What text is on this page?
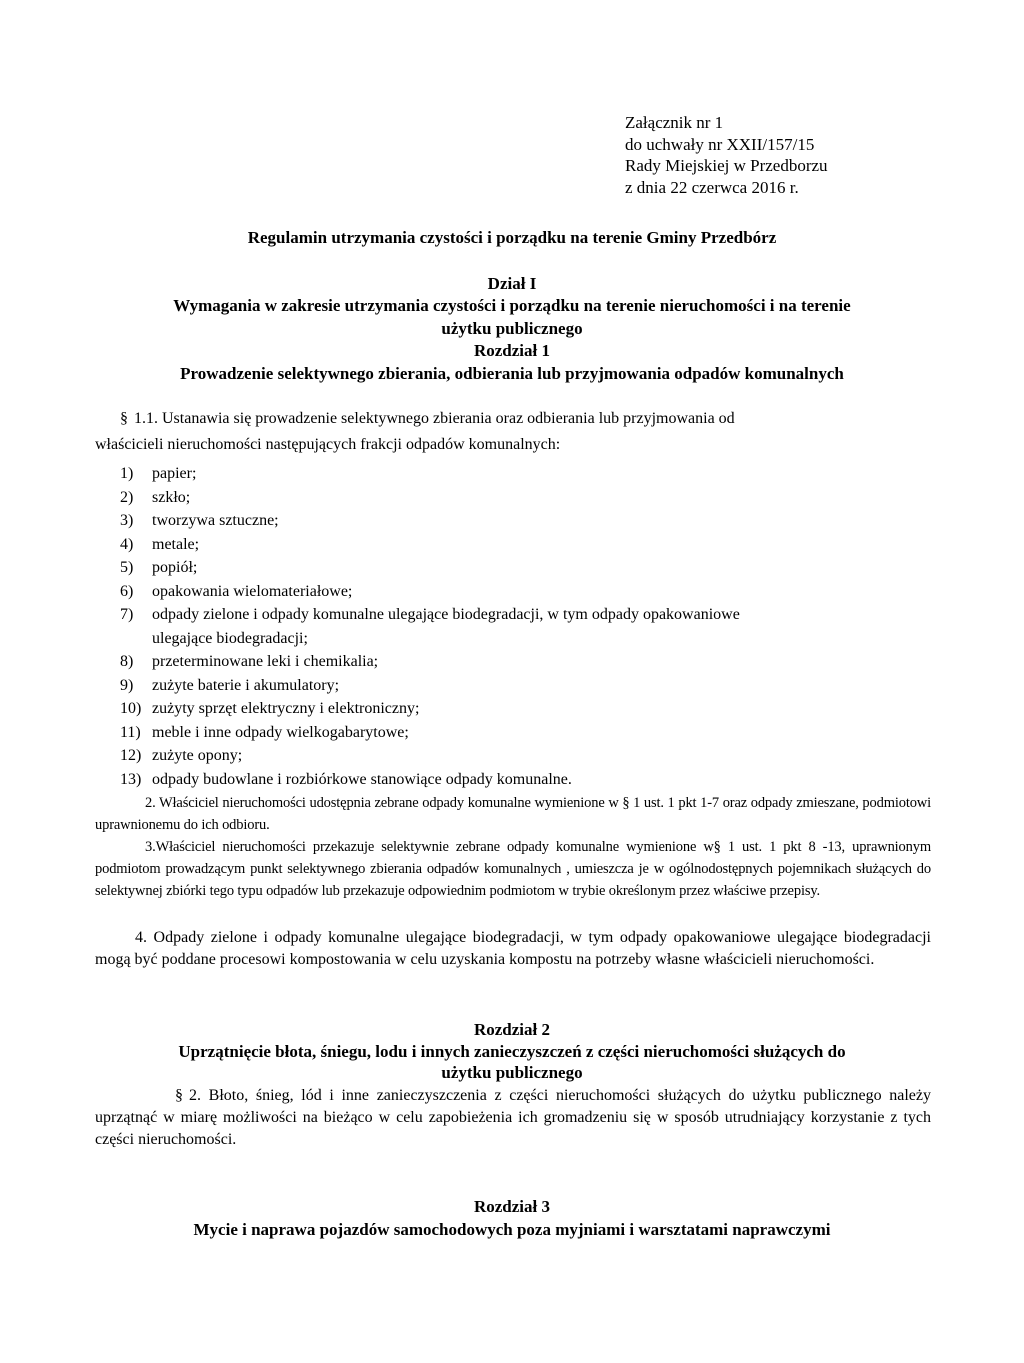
Załącznik nr 1
do uchwały nr XXII/157/15
Rady Miejskiej w Przedborzu
z dnia 22 czerwca 2016 r.
Regulamin utrzymania czystości i porządku na terenie Gminy Przedbórz
Dział I
Wymagania w zakresie utrzymania czystości i porządku na terenie nieruchomości i na terenie
użytku publicznego
Rozdział 1
Prowadzenie selektywnego zbierania, odbierania lub przyjmowania odpadów komunalnych
§ 1.1. Ustanawia się prowadzenie selektywnego zbierania oraz odbierania lub przyjmowania od
właścicieli nieruchomości następujących frakcji odpadów komunalnych:
1)	papier;
2)	szkło;
3)	tworzywa sztuczne;
4)	metale;
5)	popiół;
6)	opakowania wielomateriałowe;
7)	odpady zielone i odpady komunalne ulegające biodegradacji, w tym odpady opakowaniowe
ulegające biodegradacji;
8)	przeterminowane leki i chemikalia;
9)	zużyte baterie i akumulatory;
10) zużyty sprzęt elektryczny i elektroniczny;
11) meble i inne odpady wielkogabarytowe;
12) zużyte opony;
13) odpady budowlane i rozbiórkowe stanowiące odpady komunalne.
2. Właściciel nieruchomości udostępnia zebrane odpady komunalne wymienione w § 1 ust. 1 pkt 1-7 oraz odpady zmieszane, podmiotowi uprawnionemu do ich odbioru.
3.Właściciel nieruchomości przekazuje selektywnie zebrane odpady komunalne wymienione w§ 1 ust. 1 pkt 8 -13, uprawnionym podmiotom prowadzącym punkt selektywnego zbierania odpadów komunalnych , umieszcza je w ogólnodostępnych pojemnikach służących do selektywnej zbiórki tego typu odpadów lub przekazuje odpowiednim podmiotom w trybie określonym przez właściwe przepisy.
4. Odpady zielone i odpady komunalne ulegające biodegradacji, w tym odpady opakowaniowe ulegające biodegradacji mogą być poddane procesowi kompostowania w celu uzyskania kompostu na potrzeby własne właścicieli nieruchomości.
Rozdział 2
Uprzątnięcie błota, śniegu, lodu i innych zanieczyszczeń z części nieruchomości służących do
użytku publicznego
§ 2. Błoto, śnieg, lód i inne zanieczyszczenia z części nieruchomości służących do użytku publicznego należy uprzątnąć w miarę możliwości na bieżąco w celu zapobieżenia ich gromadzeniu się w sposób utrudniający korzystanie z tych części nieruchomości.
Rozdział 3
Mycie i naprawa pojazdów samochodowych poza myjniami i warsztatami naprawczymi
